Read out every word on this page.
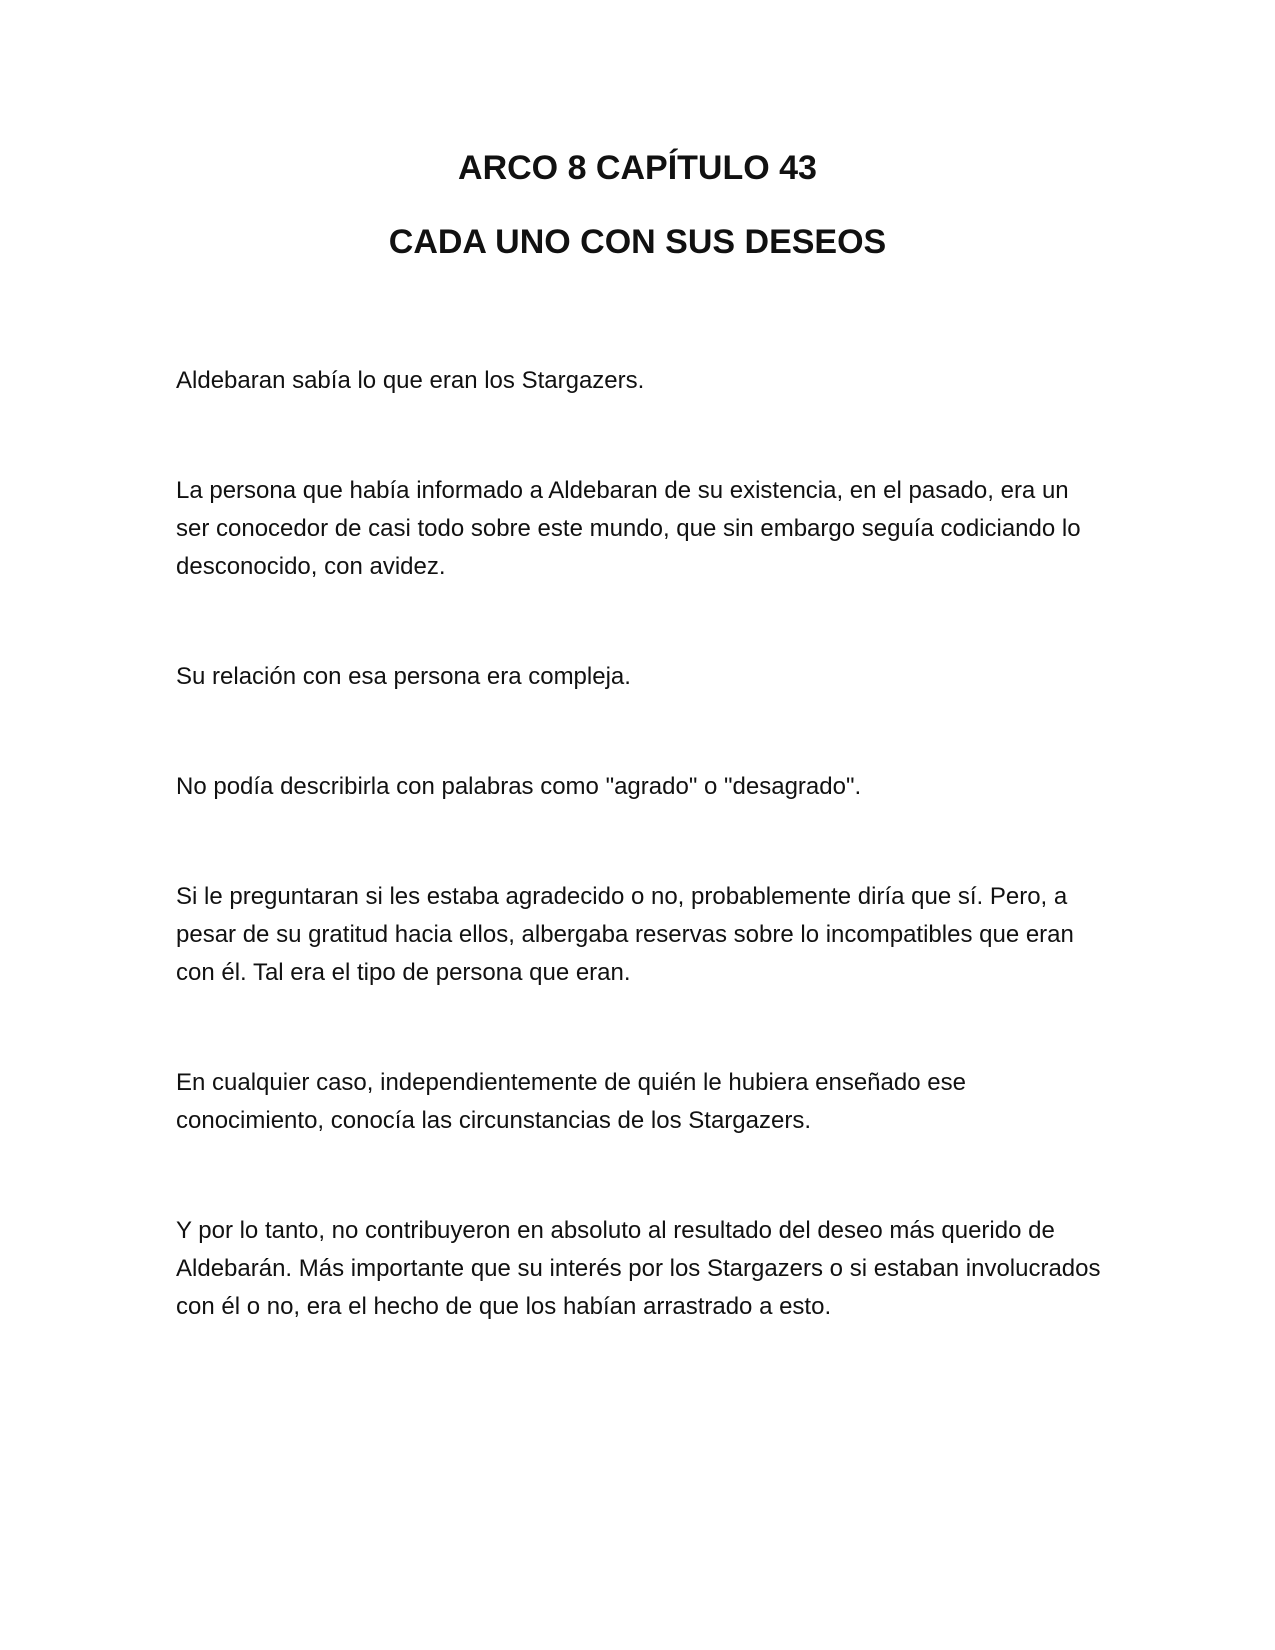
ARCO 8 CAPÍTULO 43
CADA UNO CON SUS DESEOS

Aldebaran sabía lo que eran los Stargazers.

La persona que había informado a Aldebaran de su existencia, en el pasado, era un ser conocedor de casi todo sobre este mundo, que sin embargo seguía codiciando lo desconocido, con avidez.

Su relación con esa persona era compleja.

No podía describirla con palabras como "agrado" o "desagrado".

Si le preguntaran si les estaba agradecido o no, probablemente diría que sí. Pero, a pesar de su gratitud hacia ellos, albergaba reservas sobre lo incompatibles que eran con él. Tal era el tipo de persona que eran.

En cualquier caso, independientemente de quién le hubiera enseñado ese conocimiento, conocía las circunstancias de los Stargazers.

Y por lo tanto, no contribuyeron en absoluto al resultado del deseo más querido de Aldebarán. Más importante que su interés por los Stargazers o si estaban involucrados con él o no, era el hecho de que los habían arrastrado a esto.
